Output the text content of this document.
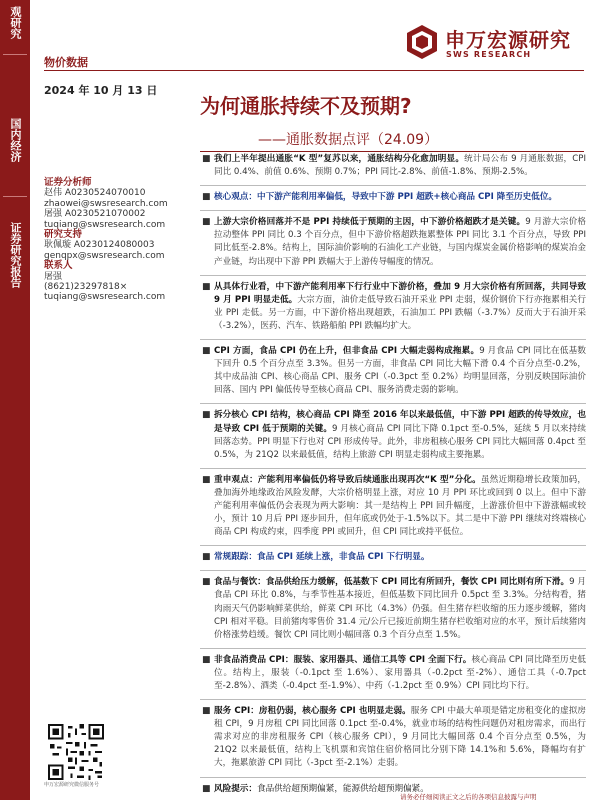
观研究
国内经济
证券研究报告
物价数据
申万宏源研究
SWS RESEARCH
2024 年 10 月 13 日
为何通胀持续不及预期?
——通胀数据点评（24.09）
证券分析师
赵伟 A0230524070010
zhaowei@swsresearch.com
屠强 A0230521070002
tuqiang@swsresearch.com
研究支持
耿佩璇 A0230124080003
genqpx@swsresearch.com
联系人
屠强
(8621)23297818×
tuqiang@swsresearch.com
申万宏源研究微信服务号

■ 我们上半年提出通胀“K 型”复苏以来，通胀结构分化愈加明显。统计局公布 9 月通胀数据，CPI 同比 0.4%、前值 0.6%、预期 0.7%；PPI 同比-2.8%、前值-1.8%、预期-2.5%。

■ 核心观点：中下游产能利用率偏低，导致中下游 PPI 超跌+核心商品 CPI 降至历史低位。

■ 上游大宗价格回落并不是 PPI 持续低于预期的主因，中下游价格超跌才是关键。9 月游大宗价格拉动整体 PPI 同比 0.3 个百分点，但中下游价格超跌拖累整体 PPI 同比 3.1 个百分点，导致 PPI 同比低至-2.8%。结构上，国际油价影响的石油化工产业链，与国内煤炭金属价格影响的煤炭冶金产业链，均出现中下游 PPI 跌幅大于上游传导幅度的情况。

■ 从具体行业看，中下游产能利用率下行行业中下游价格，叠加 9 月大宗价格有所回落，共同导致 9 月 PPI 明显走低。大宗方面，油价走低导致石油开采业 PPI 走弱，煤价钢价下行亦拖累相关行业 PPI 走低。另一方面，中下游价格出现超跌，石油加工 PPI 跌幅（-3.7%）反而大于石油开采（-3.2%），医药、汽车、铁路船舶 PPI 跌幅均扩大。

■ CPI 方面，食品 CPI 仍在上升，但非食品 CPI 大幅走弱构成拖累。9 月食品 CPI 同比在低基数下回升 0.5 个百分点至 3.3%。但另一方面，非食品 CPI 同比大幅下滑 0.4 个百分点至-0.2%，其中成品油 CPI、核心商品 CPI、服务 CPI（-0.3pct 至 0.2%）均明显回落，分别反映国际油价回落、国内 PPI 偏低传导至核心商品 CPI、服务消费走弱的影响。

■ 拆分核心 CPI 结构，核心商品 CPI 降至 2016 年以来最低值，中下游 PPI 超跌的传导效应，也是导致 CPI 低于预期的关键。9 月核心商品 CPI 同比下降 0.1pct 至-0.5%，延续 5 月以来持续回落态势。PPI 明显下行也对 CPI 形成传导。此外，非房租核心服务 CPI 同比大幅回落 0.4pct 至 0.5%，为 21Q2 以来最低值，结构上旅游 CPI 明显走弱构成主要拖累。

■ 重申观点：产能利用率偏低仍将导致后续通胀出现再次“K 型”分化。虽然近期稳增长政策加码，叠加海外地缘政治风险发酵，大宗价格明显上涨，对应 10 月 PPI 环比或回到 0 以上。但中下游产能利用率偏低仍会表现为两大影响：其一是结构上 PPI 回升幅度，上游涨价但中下游涨幅或较小，预计 10 月后 PPI 逐步回升，但年底或仍处于-1.5%以下。其二是中下游 PPI 继续对终端核心商品 CPI 构成约束，四季度 PPI 或回升，但 CPI 同比或持平低位。

■ 常规跟踪：食品 CPI 延续上涨，非食品 CPI 下行明显。

■ 食品与餐饮：食品供给压力缓解，低基数下 CPI 同比有所回升，餐饮 CPI 同比则有所下滑。9 月食品 CPI 环比 0.8%，与季节性基本接近，但低基数下同比回升 0.5pct 至 3.3%。分结构看，猪肉雨天气仍影响鲜菜供给，鲜菜 CPI 环比（4.3%）仍强。但生猪存栏收缩的压力逐步缓解，猪肉 CPI 相对平稳。目前猪肉零售价 31.4 元/公斤已接近前期生猪存栏收缩对应的水平，预计后续猪肉价格涨势趋缓。餐饮 CPI 同比则小幅回落 0.3 个百分点至 1.5%。

■ 非食品消费品 CPI：服装、家用器具、通信工具等 CPI 全面下行。核心商品 CPI 同比降至历史低位。结构上，服装（-0.1pct 至 1.6%）、家用器具（-0.2pct 至-2%）、通信工具（-0.7pct 至-2.8%）、酒类（-0.4pct 至-1.9%）、中药（-1.2pct 至 0.9%）CPI 同比均下行。

■ 服务 CPI：房租仍弱，核心服务 CPI 也明显走弱。服务 CPI 中最大单项是错定房租变化的虚拟房租 CPI，9 月房租 CPI 同比回落 0.1pct 至-0.4%，就业市场的结构性问题仍对租房需求，而出行需求对应的非房租服务 CPI（核心服务 CPI），9 月同比大幅回落 0.4 个百分点至 0.5%，为 21Q2 以来最低值，结构上飞机票和宾馆住宿价格同比分别下降 14.1%和 5.6%，降幅均有扩大，拖累旅游 CPI 同比（-3pct 至-2.1%）走弱。

■ 风险提示：食品供给超预期偏紧，能源供给超预期偏紧。

请务必仔细阅读正文之后的各项信息披露与声明
